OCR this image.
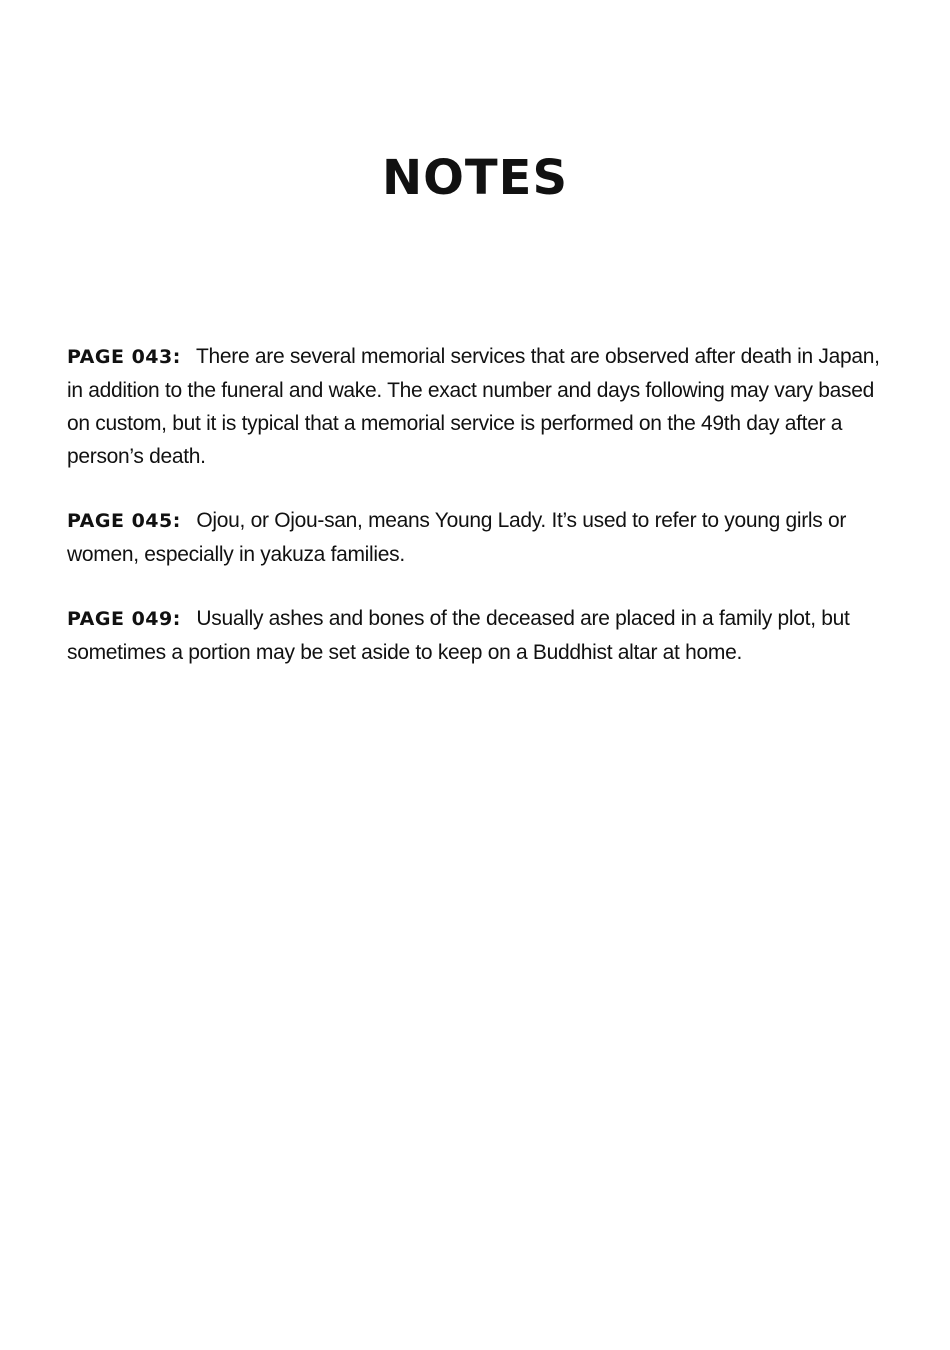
NOTES

PAGE 043: There are several memorial services that are observed after death in Japan, in addition to the funeral and wake. The exact number and days following may vary based on custom, but it is typical that a memorial service is performed on the 49th day after a person’s death.

PAGE 045: Ojou, or Ojou-san, means Young Lady. It’s used to refer to young girls or women, especially in yakuza families.

PAGE 049: Usually ashes and bones of the deceased are placed in a family plot, but sometimes a portion may be set aside to keep on a Buddhist altar at home.
